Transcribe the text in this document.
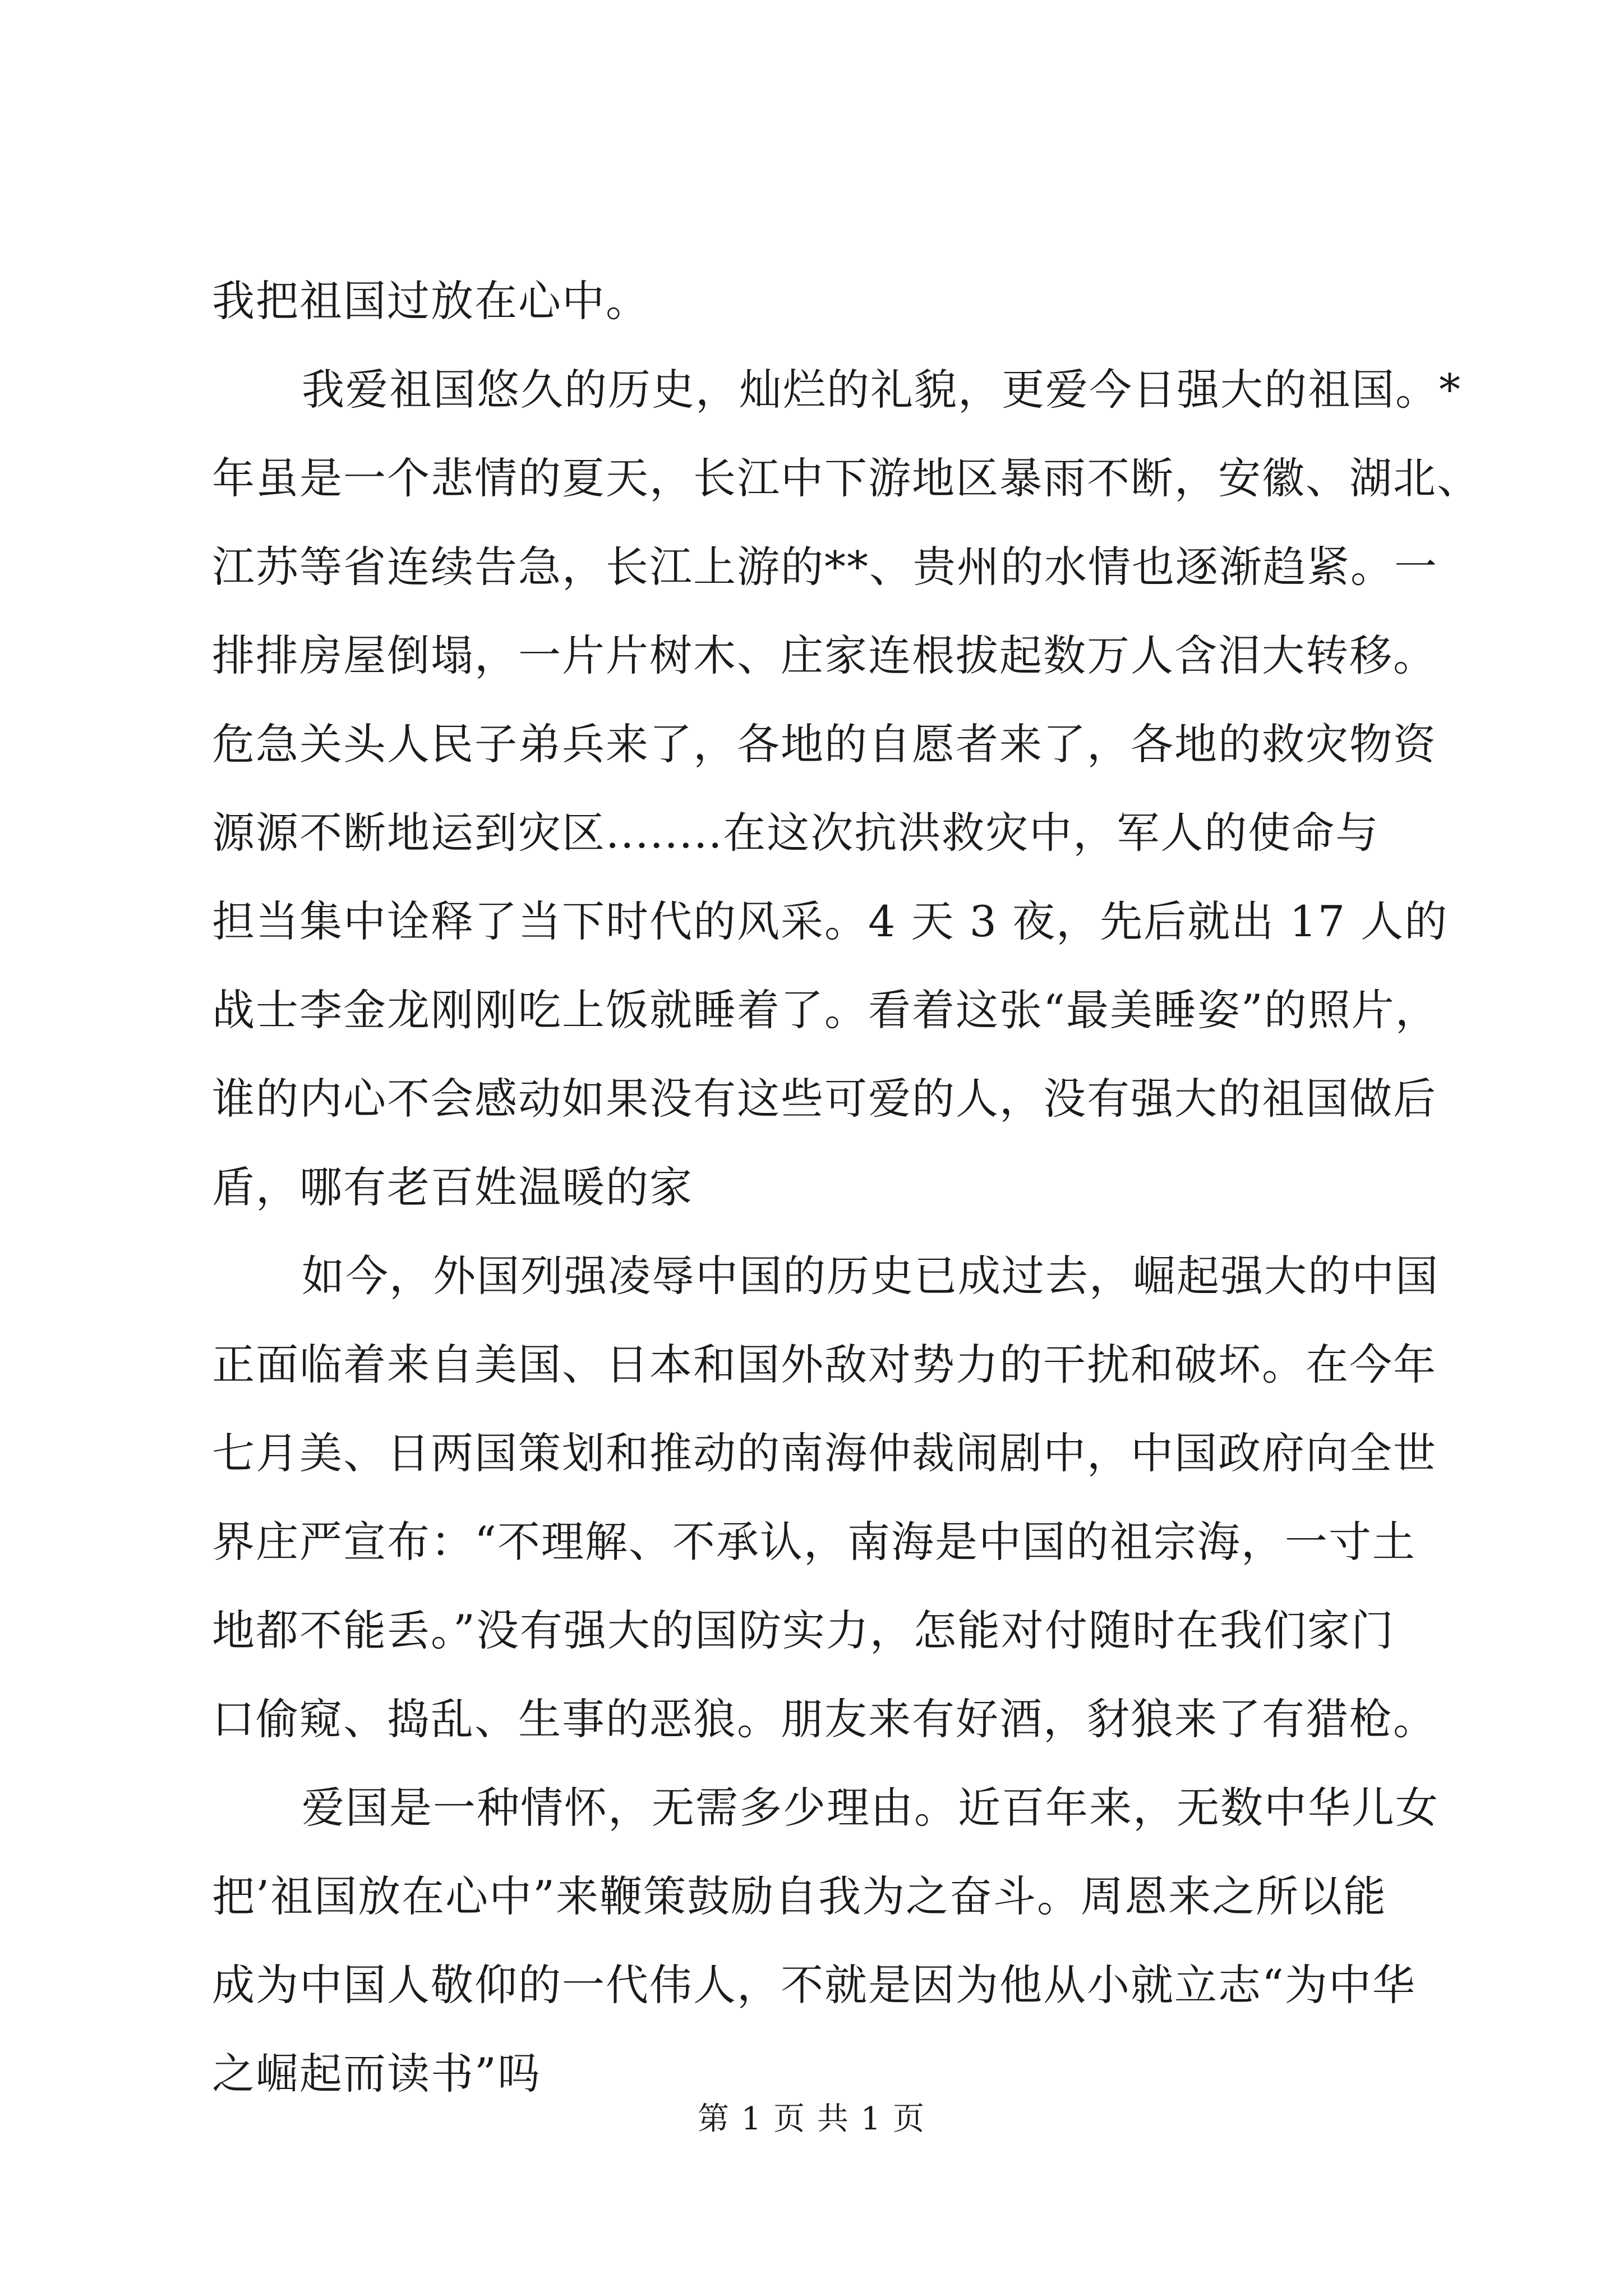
我把祖国过放在心中。
我爱祖国悠久的历史，灿烂的礼貌，更爱今日强大的祖国。*
年虽是一个悲情的夏天，长江中下游地区暴雨不断，安徽、湖北、
江苏等省连续告急，长江上游的**、贵州的水情也逐渐趋紧。一
排排房屋倒塌，一片片树木、庄家连根拔起数万人含泪大转移。
危急关头人民子弟兵来了，各地的自愿者来了，各地的救灾物资
源源不断地运到灾区........在这次抗洪救灾中，军人的使命与
担当集中诠释了当下时代的风采。4 天 3 夜，先后就出 17 人的
战士李金龙刚刚吃上饭就睡着了。看着这张“最美睡姿”的照片，
谁的内心不会感动如果没有这些可爱的人，没有强大的祖国做后
盾，哪有老百姓温暖的家
如今，外国列强凌辱中国的历史已成过去，崛起强大的中国
正面临着来自美国、日本和国外敌对势力的干扰和破坏。在今年
七月美、日两国策划和推动的南海仲裁闹剧中，中国政府向全世
界庄严宣布：“不理解、不承认，南海是中国的祖宗海，一寸土
地都不能丢。”没有强大的国防实力，怎能对付随时在我们家门
口偷窥、捣乱、生事的恶狼。朋友来有好酒，豺狼来了有猎枪。
爱国是一种情怀，无需多少理由。近百年来，无数中华儿女
把’祖国放在心中”来鞭策鼓励自我为之奋斗。周恩来之所以能
成为中国人敬仰的一代伟人，不就是因为他从小就立志“为中华
之崛起而读书”吗
第 1 页 共 1 页
